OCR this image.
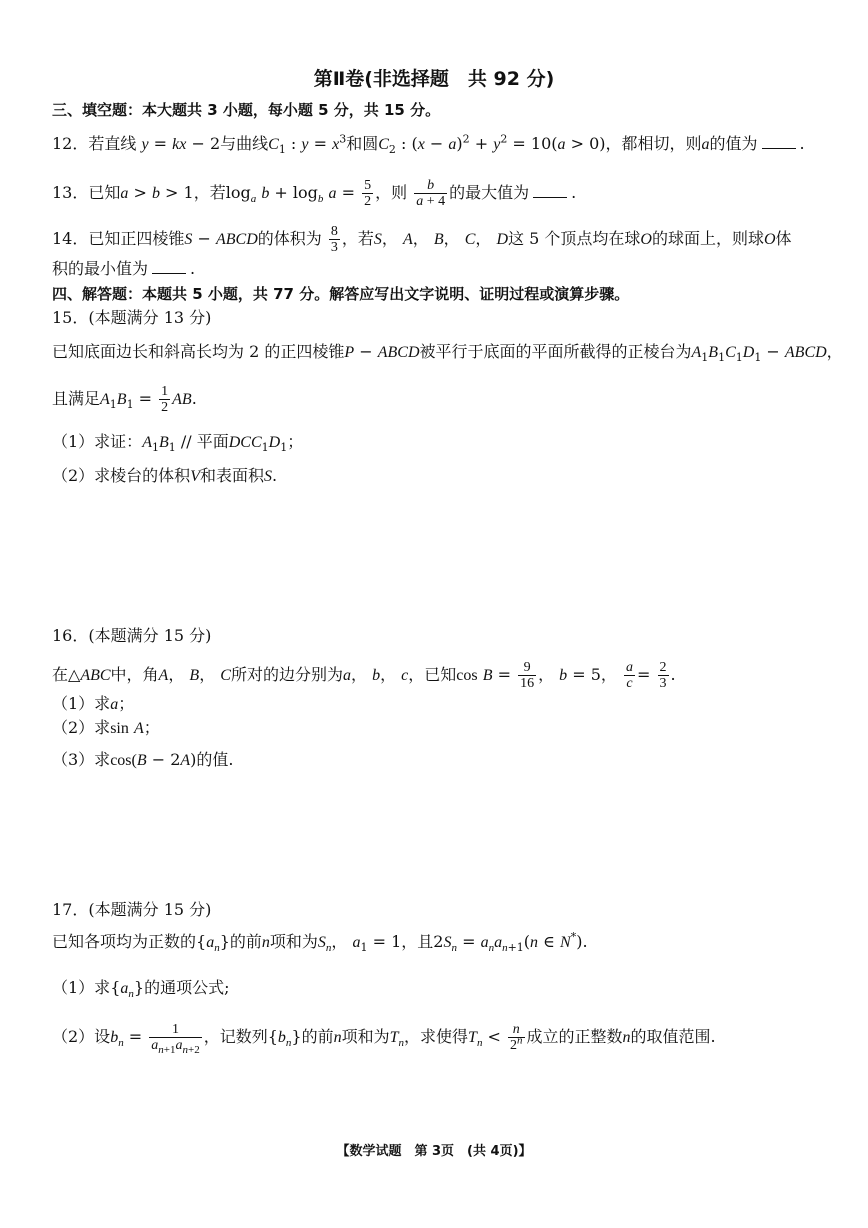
第Ⅱ卷(非选择题　共 92 分)
三、填空题：本大题共 3 小题，每小题 5 分，共 15 分。
12．若直线 y = kx − 2与曲线$C_1$ : $y = x^3$和圆$C_2$ : $(x - a)^2 + y^2 = 10(a > 0)$，都相切，则a的值为	.
13．已知a > b > 1，若$\log_a b + \log_b a = \frac{5}{2}$ ，则 $\frac{b}{a + 4}$ 的最大值为	.
14．已知正四棱锥S − ABCD的体积为 $\frac{8}{3}$ ，若S， A， B， C， D这 5 个顶点均在球O的球面上，则球O体
积的最小值为	.
四、解答题：本题共 5 小题，共 77 分。解答应写出文字说明、证明过程或演算步骤。
15．(本题满分 13 分)
已知底面边长和斜高长均为 2 的正四棱锥P − ABCD被平行于底面的平面所截得的正棱台为$A_1B_1C_1D_1$ − ABCD，
且满足$A_1B_1 = \frac{1}{2}$ AB.
（1）求证：$A_1B_1$ // 平面$DCC_1D_1$；
（2）求棱台的体积V和表面积S.
16．(本题满分 15 分)
在△ABC中，角A， B， C所对的边分别为a， b， c，已知$\cos B = \frac{9}{16}$ ， b = 5， $\frac{a}{c} = \frac{2}{3}$ .
（1）求a；
（2）求sin A；
（3）求cos(B − 2A)的值.
17．(本题满分 15 分)
已知各项均为正数的$\{a_n\}$的前n项和为$S_n$， $a_1 = 1$，且$2S_n = a_na_{n+1}(n$ ∈ N*).
（1）求$\{a_n\}$的通项公式;
（2）设$b_n = \frac{1}{a_{n+1}a_{n+2}}$ ，记数列$\{b_n\}$的前n项和为$T_n$，求使得$T_n < \frac{n}{2^n}$ 成立的正整数n的取值范围.
【数学试题　第 3页　(共 4页)】
